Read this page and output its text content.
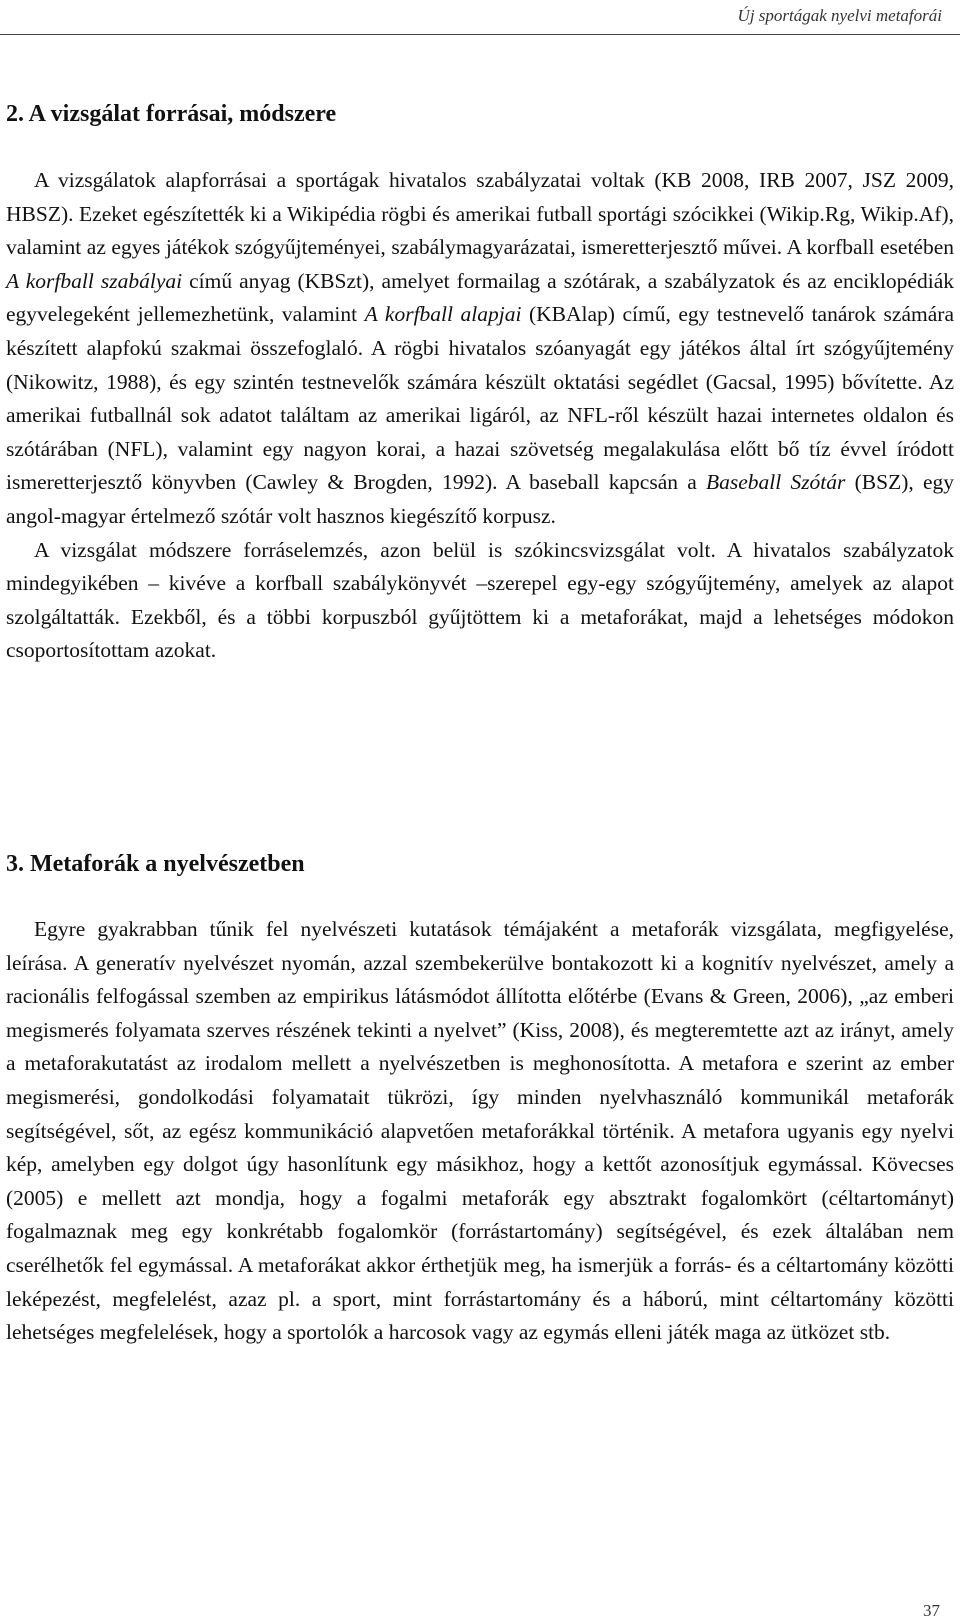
Új sportágak nyelvi metaforái
2. A vizsgálat forrásai, módszere

A vizsgálatok alapforrásai a sportágak hivatalos szabályzatai voltak (KB 2008, IRB 2007, JSZ 2009, HBSZ). Ezeket egészítették ki a Wikipédia rögbi és amerikai futball sportági szócikkei (Wikip.Rg, Wikip.Af), valamint az egyes játékok szógyűjteményei, szabálymagyarázatai, ismeretterjesztő művei. A korfball esetében A korfball szabályai című anyag (KBSzt), amelyet formailag a szótárak, a szabályzatok és az enciklopédiák egyvelegeként jellemezhetünk, valamint A korfball alapjai (KBAlap) című, egy testnevelő tanárok számára készített alapfokú szakmai összefoglaló. A rögbi hivatalos szóanyagát egy játékos által írt szógyűjtemény (Nikowitz, 1988), és egy szintén testnevelők számára készült oktatási segédlet (Gacsal, 1995) bővítette. Az amerikai futballnál sok adatot találtam az amerikai ligáról, az NFL-ről készült hazai internetes oldalon és szótárában (NFL), valamint egy nagyon korai, a hazai szövetség megalakulása előtt bő tíz évvel íródott ismeretterjesztő könyvben (Cawley & Brogden, 1992). A baseball kapcsán a Baseball Szótár (BSZ), egy angol-magyar értelmező szótár volt hasznos kiegészítő korpusz.

A vizsgálat módszere forráselemzés, azon belül is szókincsvizsgálat volt. A hivatalos szabályzatok mindegyikében – kivéve a korfball szabálykönyvét –szerepel egy-egy szógyűjtemény, amelyek az alapot szolgáltatták. Ezekből, és a többi korpuszból gyűjtöttem ki a metaforákat, majd a lehetséges módokon csoportosítottam azokat.

3. Metaforák a nyelvészetben

Egyre gyakrabban tűnik fel nyelvészeti kutatások témájaként a metaforák vizsgálata, megfigyelése, leírása. A generatív nyelvészet nyomán, azzal szembekerülve bontakozott ki a kognitív nyelvészet, amely a racionális felfogással szemben az empirikus látásmódot állította előtérbe (Evans & Green, 2006), „az emberi megismerés folyamata szerves részének tekinti a nyelvet” (Kiss, 2008), és megteremtette azt az irányt, amely a metaforakutatást az irodalom mellett a nyelvészetben is meghonosította. A metafora e szerint az ember megismerési, gondolkodási folyamatait tükrözi, így minden nyelvhasználó kommunikál metaforák segítségével, sőt, az egész kommunikáció alapvetően metaforákkal történik. A metafora ugyanis egy nyelvi kép, amelyben egy dolgot úgy hasonlítunk egy másikhoz, hogy a kettőt azonosítjuk egymással. Kövecses (2005) e mellett azt mondja, hogy a fogalmi metaforák egy absztrakt fogalomkört (céltartományt) fogalmaznak meg egy konkrétabb fogalomkör (forrástartomány) segítségével, és ezek általában nem cserélhetők fel egymással. A metaforákat akkor érthetjük meg, ha ismerjük a forrás- és a céltartomány közötti leképezést, megfelelést, azaz pl. a sport, mint forrástartomány és a háború, mint céltartomány közötti lehetséges megfelelések, hogy a sportolók a harcosok vagy az egymás elleni játék maga az ütközet stb.

37
